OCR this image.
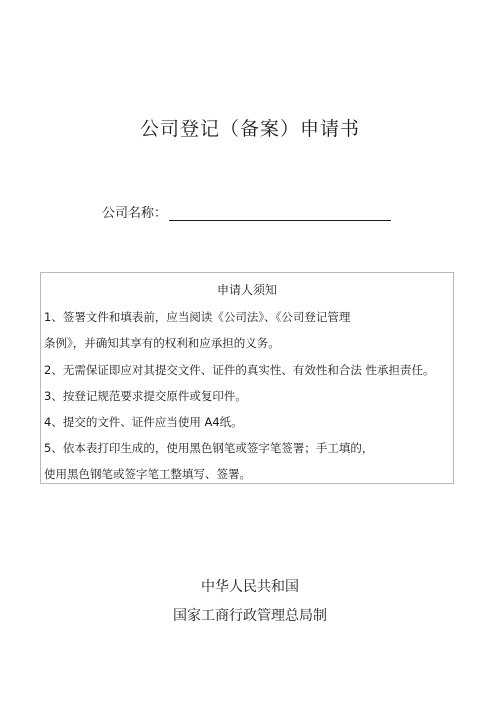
公司登记（备案）申请书
公司名称：
申请人须知
1、签署文件和填表前，应当阅读《公司法》、《公司登记管理
条例》，并确知其享有的权利和应承担的义务。
2、无需保证即应对其提交文件、证件的真实性、有效性和合法 性承担责任。
3、按登记规范要求提交原件或复印件。
4、提交的文件、证件应当使用 A4纸。
5、依本表打印生成的，使用黑色钢笔或签字笔签署；手工填的，
使用黑色钢笔或签字笔工整填写、签署。
中华人民共和国
国家工商行政管理总局制
